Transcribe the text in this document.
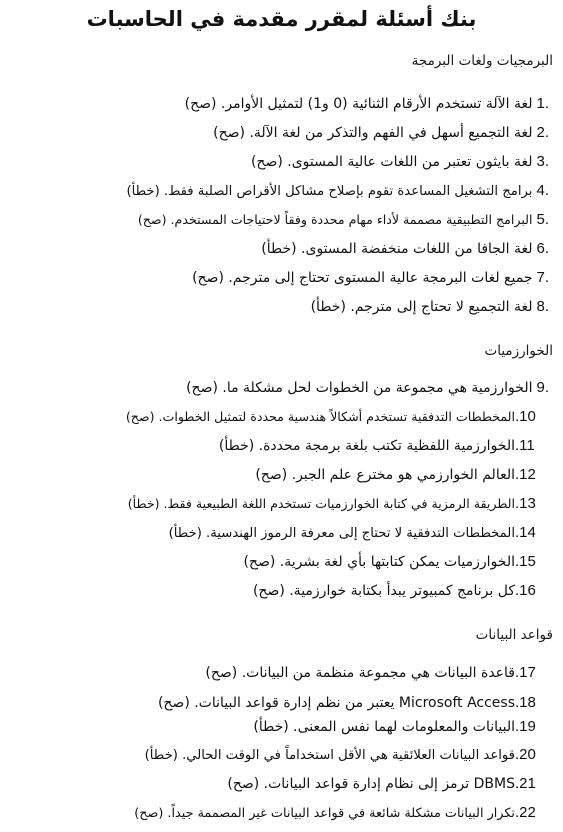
بنك أسئلة لمقرر مقدمة في الحاسبات
البرمجيات ولغات البرمجة
1.لغة الآلة تستخدم الأرقام الثنائية (0 و1) لتمثيل الأوامر. (صح)
2.لغة التجميع أسهل في الفهم والتذكر من لغة الآلة. (صح)
3.لغة بايثون تعتبر من اللغات عالية المستوى. (صح)
4.برامج التشغيل المساعدة تقوم بإصلاح مشاكل الأقراص الصلبة فقط. (خطأ)
5.البرامج التطبيقية مصممة لأداء مهام محددة وفقاً لاحتياجات المستخدم. (صح)
6.لغة الجافا من اللغات منخفضة المستوى. (خطأ)
7.جميع لغات البرمجة عالية المستوى تحتاج إلى مترجم. (صح)
8.لغة التجميع لا تحتاج إلى مترجم. (خطأ)
الخوارزميات
9.الخوارزمية هي مجموعة من الخطوات لحل مشكلة ما. (صح)
.10المخططات التدفقية تستخدم أشكالاً هندسية محددة لتمثيل الخطوات. (صح)
.11الخوارزمية اللفظية تكتب بلغة برمجة محددة. (خطأ)
.12العالم الخوارزمي هو مخترع علم الجبر. (صح)
.13الطريقة الرمزية في كتابة الخوارزميات تستخدم اللغة الطبيعية فقط. (خطأ)
.14المخططات التدفقية لا تحتاج إلى معرفة الرموز الهندسية. (خطأ)
.15الخوارزميات يمكن كتابتها بأي لغة بشرية. (صح)
.16كل برنامج كمبيوتر يبدأ بكتابة خوارزمية. (صح)
قواعد البيانات
.17قاعدة البيانات هي مجموعة منظمة من البيانات. (صح)
.18Microsoft Access يعتبر من نظم إدارة قواعد البيانات. (صح)
.19البيانات والمعلومات لهما نفس المعنى. (خطأ)
.20قواعد البيانات العلائقية هي الأقل استخداماً في الوقت الحالي. (خطأ)
.21DBMS ترمز إلى نظام إدارة قواعد البيانات. (صح)
.22تكرار البيانات مشكلة شائعة في قواعد البيانات غير المصممة جيداً. (صح)
